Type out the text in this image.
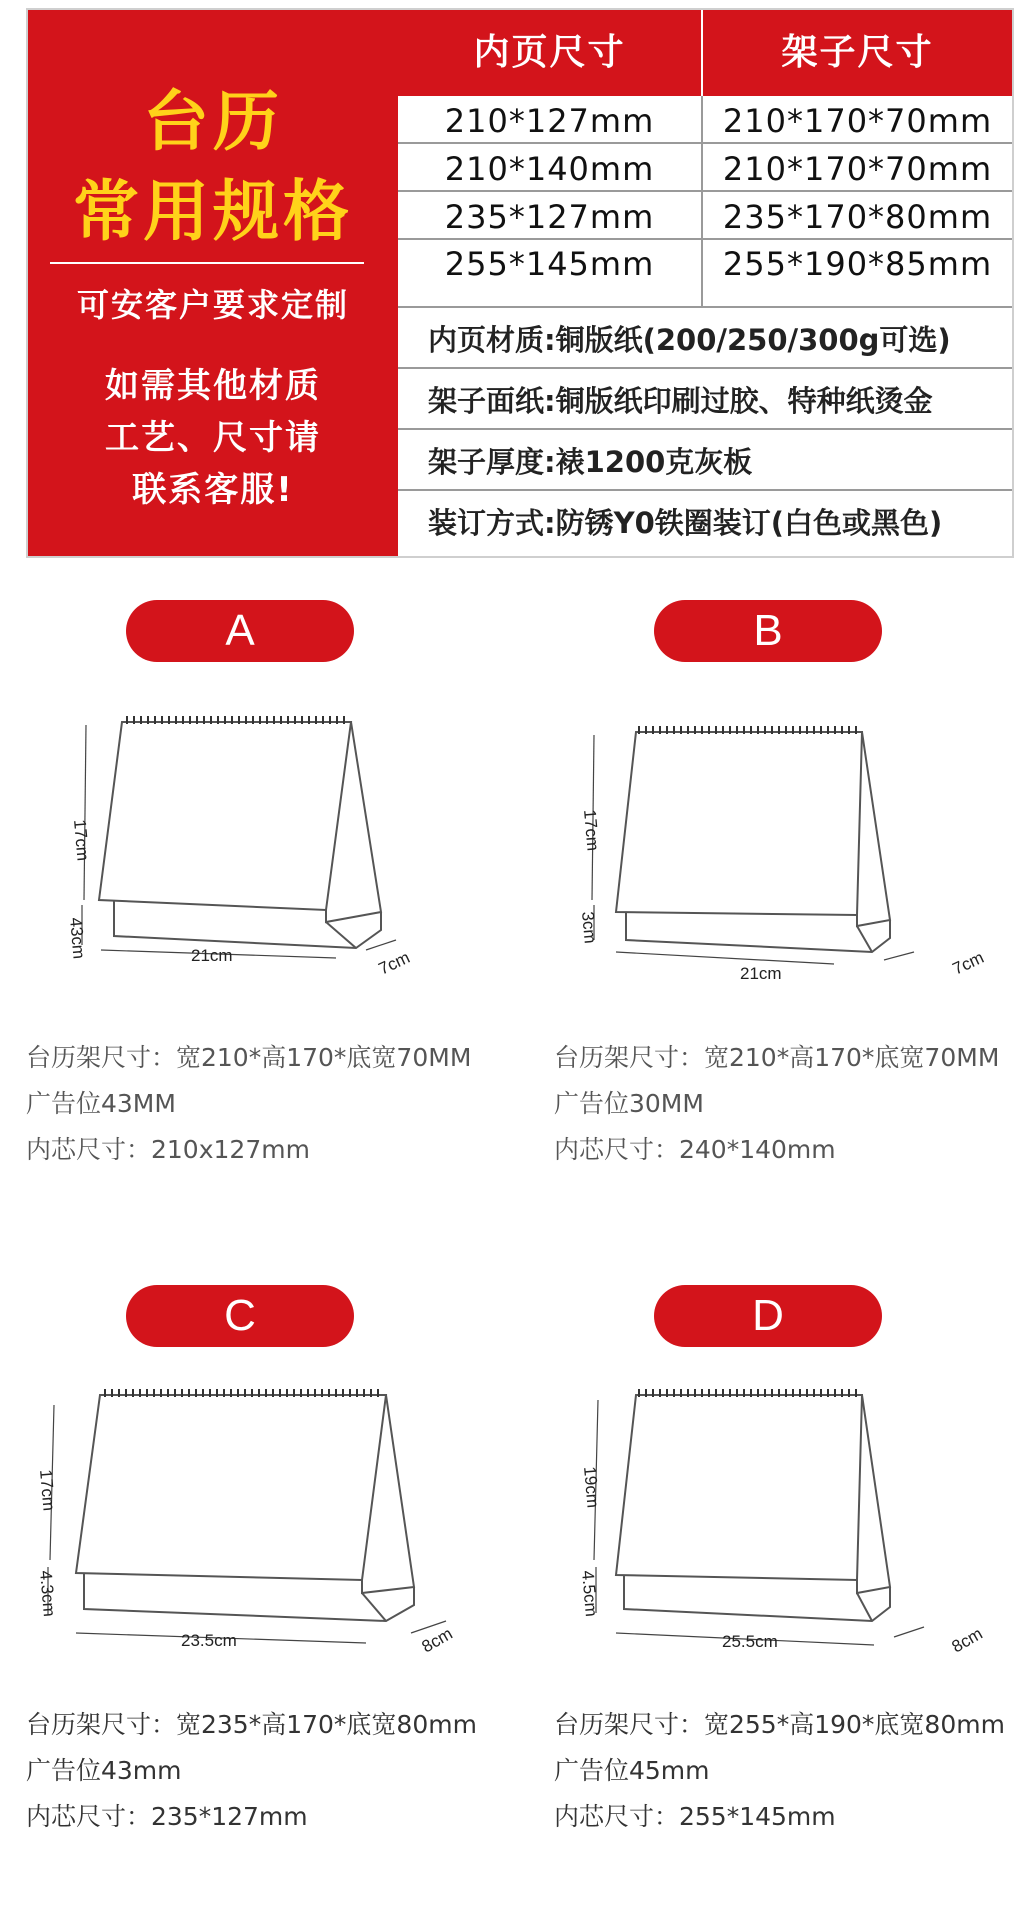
台历
常用规格
可安客户要求定制
如需其他材质
工艺、尺寸请
联系客服!
内页尺寸	架子尺寸
210*127mm	210*170*70mm
210*140mm	210*170*70mm
235*127mm	235*170*80mm
255*145mm	255*190*85mm
内页材质:铜版纸(200/250/300g可选)
架子面纸:铜版纸印刷过胶、特种纸烫金
架子厚度:裱1200克灰板
装订方式:防锈Y0铁圈装订(白色或黑色)
A
17cm
43cm	21cm	7cm
台历架尺寸：宽210*高170*底宽70MM
广告位43MM
内芯尺寸：210x127mm
B
17cm
3cm
21cm	7cm
台历架尺寸：宽210*高170*底宽70MM
广告位30MM
内芯尺寸：240*140mm
C
17cm
4.3cm
23.5cm	8cm
台历架尺寸：宽235*高170*底宽80mm
广告位43mm
内芯尺寸：235*127mm
D
19cm
4.5cm
25.5cm	8cm
台历架尺寸：宽255*高190*底宽80mm
广告位45mm
内芯尺寸：255*145mm
